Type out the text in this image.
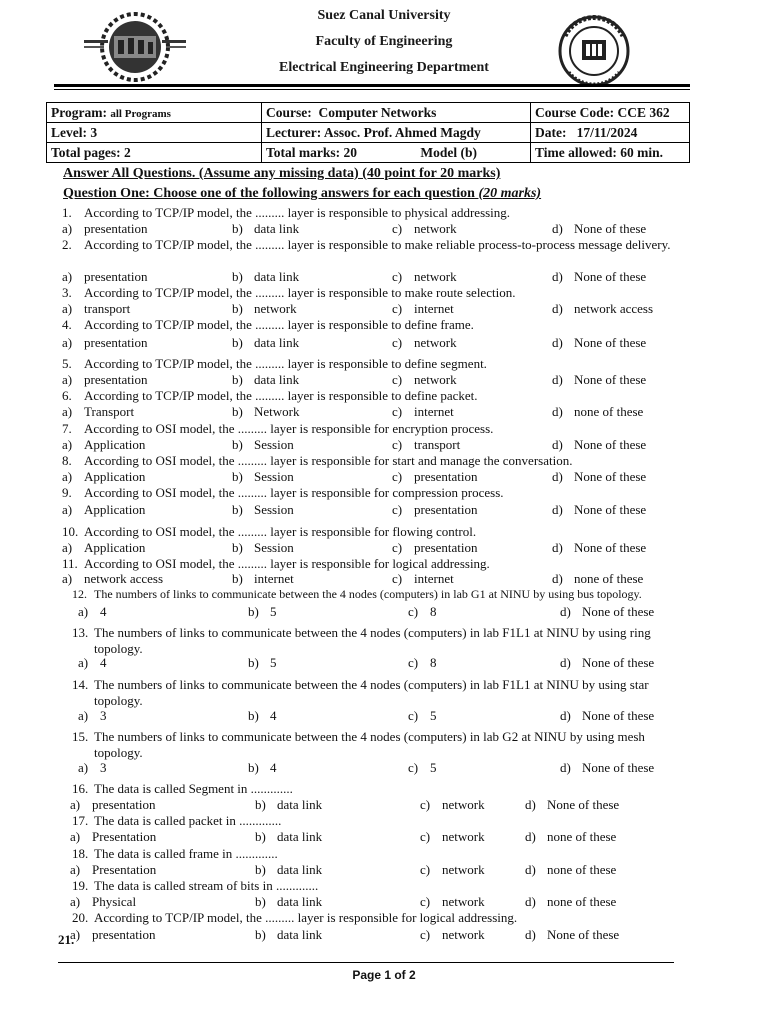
Suez Canal University
Faculty of Engineering
Electrical Engineering Department
Program: all Programs	Course: Computer Networks	Course Code: CCE 362
Level: 3	Lecturer: Assoc. Prof. Ahmed Magdy	Date: 17/11/2024
Total pages: 2	Total marks: 20 Model (b)	Time allowed: 60 min.
Answer All Questions. (Assume any missing data) (40 point for 20 marks)
Question One: Choose one of the following answers for each question (20 marks)
1. According to TCP/IP model, the ......... layer is responsible to physical addressing.
a) presentation	b) data link	c) network	d) None of these
2. According to TCP/IP model, the ......... layer is responsible to make reliable process-to-process message delivery.
a) presentation	b) data link	c) network	d) None of these
3. According to TCP/IP model, the ......... layer is responsible to make route selection.
a) transport	b) network	c) internet	d) network access
4. According to TCP/IP model, the ......... layer is responsible to define frame.
a) presentation	b) data link	c) network	d) None of these
5. According to TCP/IP model, the ......... layer is responsible to define segment.
a) presentation	b) data link	c) network	d) None of these
6. According to TCP/IP model, the ......... layer is responsible to define packet.
a) Transport	b) Network	c) internet	d) none of these
7. According to OSI model, the ......... layer is responsible for encryption process.
a) Application	b) Session	c) transport	d) None of these
8. According to OSI model, the ......... layer is responsible for start and manage the conversation.
a) Application	b) Session	c) presentation	d) None of these
9. According to OSI model, the ......... layer is responsible for compression process.
a) Application	b) Session	c) presentation	d) None of these
10. According to OSI model, the ......... layer is responsible for flowing control.
a) Application	b) Session	c) presentation	d) None of these
11. According to OSI model, the ......... layer is responsible for logical addressing.
a) network access	b) internet	c) internet	d) none of these
12. The numbers of links to communicate between the 4 nodes (computers) in lab G1 at NINU by using bus topology.
a) 4	b) 5	c) 8	d) None of these
13. The numbers of links to communicate between the 4 nodes (computers) in lab F1L1 at NINU by using ring topology.
a) 4	b) 5	c) 8	d) None of these
14. The numbers of links to communicate between the 4 nodes (computers) in lab F1L1 at NINU by using star topology.
a) 3	b) 4	c) 5	d) None of these
15. The numbers of links to communicate between the 4 nodes (computers) in lab G2 at NINU by using mesh topology.
a) 3	b) 4	c) 5	d) None of these
16. The data is called Segment in .............
a) presentation	b) data link	c) network	d) None of these
17. The data is called packet in .............
a) Presentation	b) data link	c) network	d) none of these
18. The data is called frame in .............
a) Presentation	b) data link	c) network	d) none of these
19. The data is called stream of bits in .............
a) Physical	b) data link	c) network	d) none of these
20. According to TCP/IP model, the ......... layer is responsible for logical addressing.
a) presentation	b) data link	c) network	d) None of these
21.
Page 1 of 2
